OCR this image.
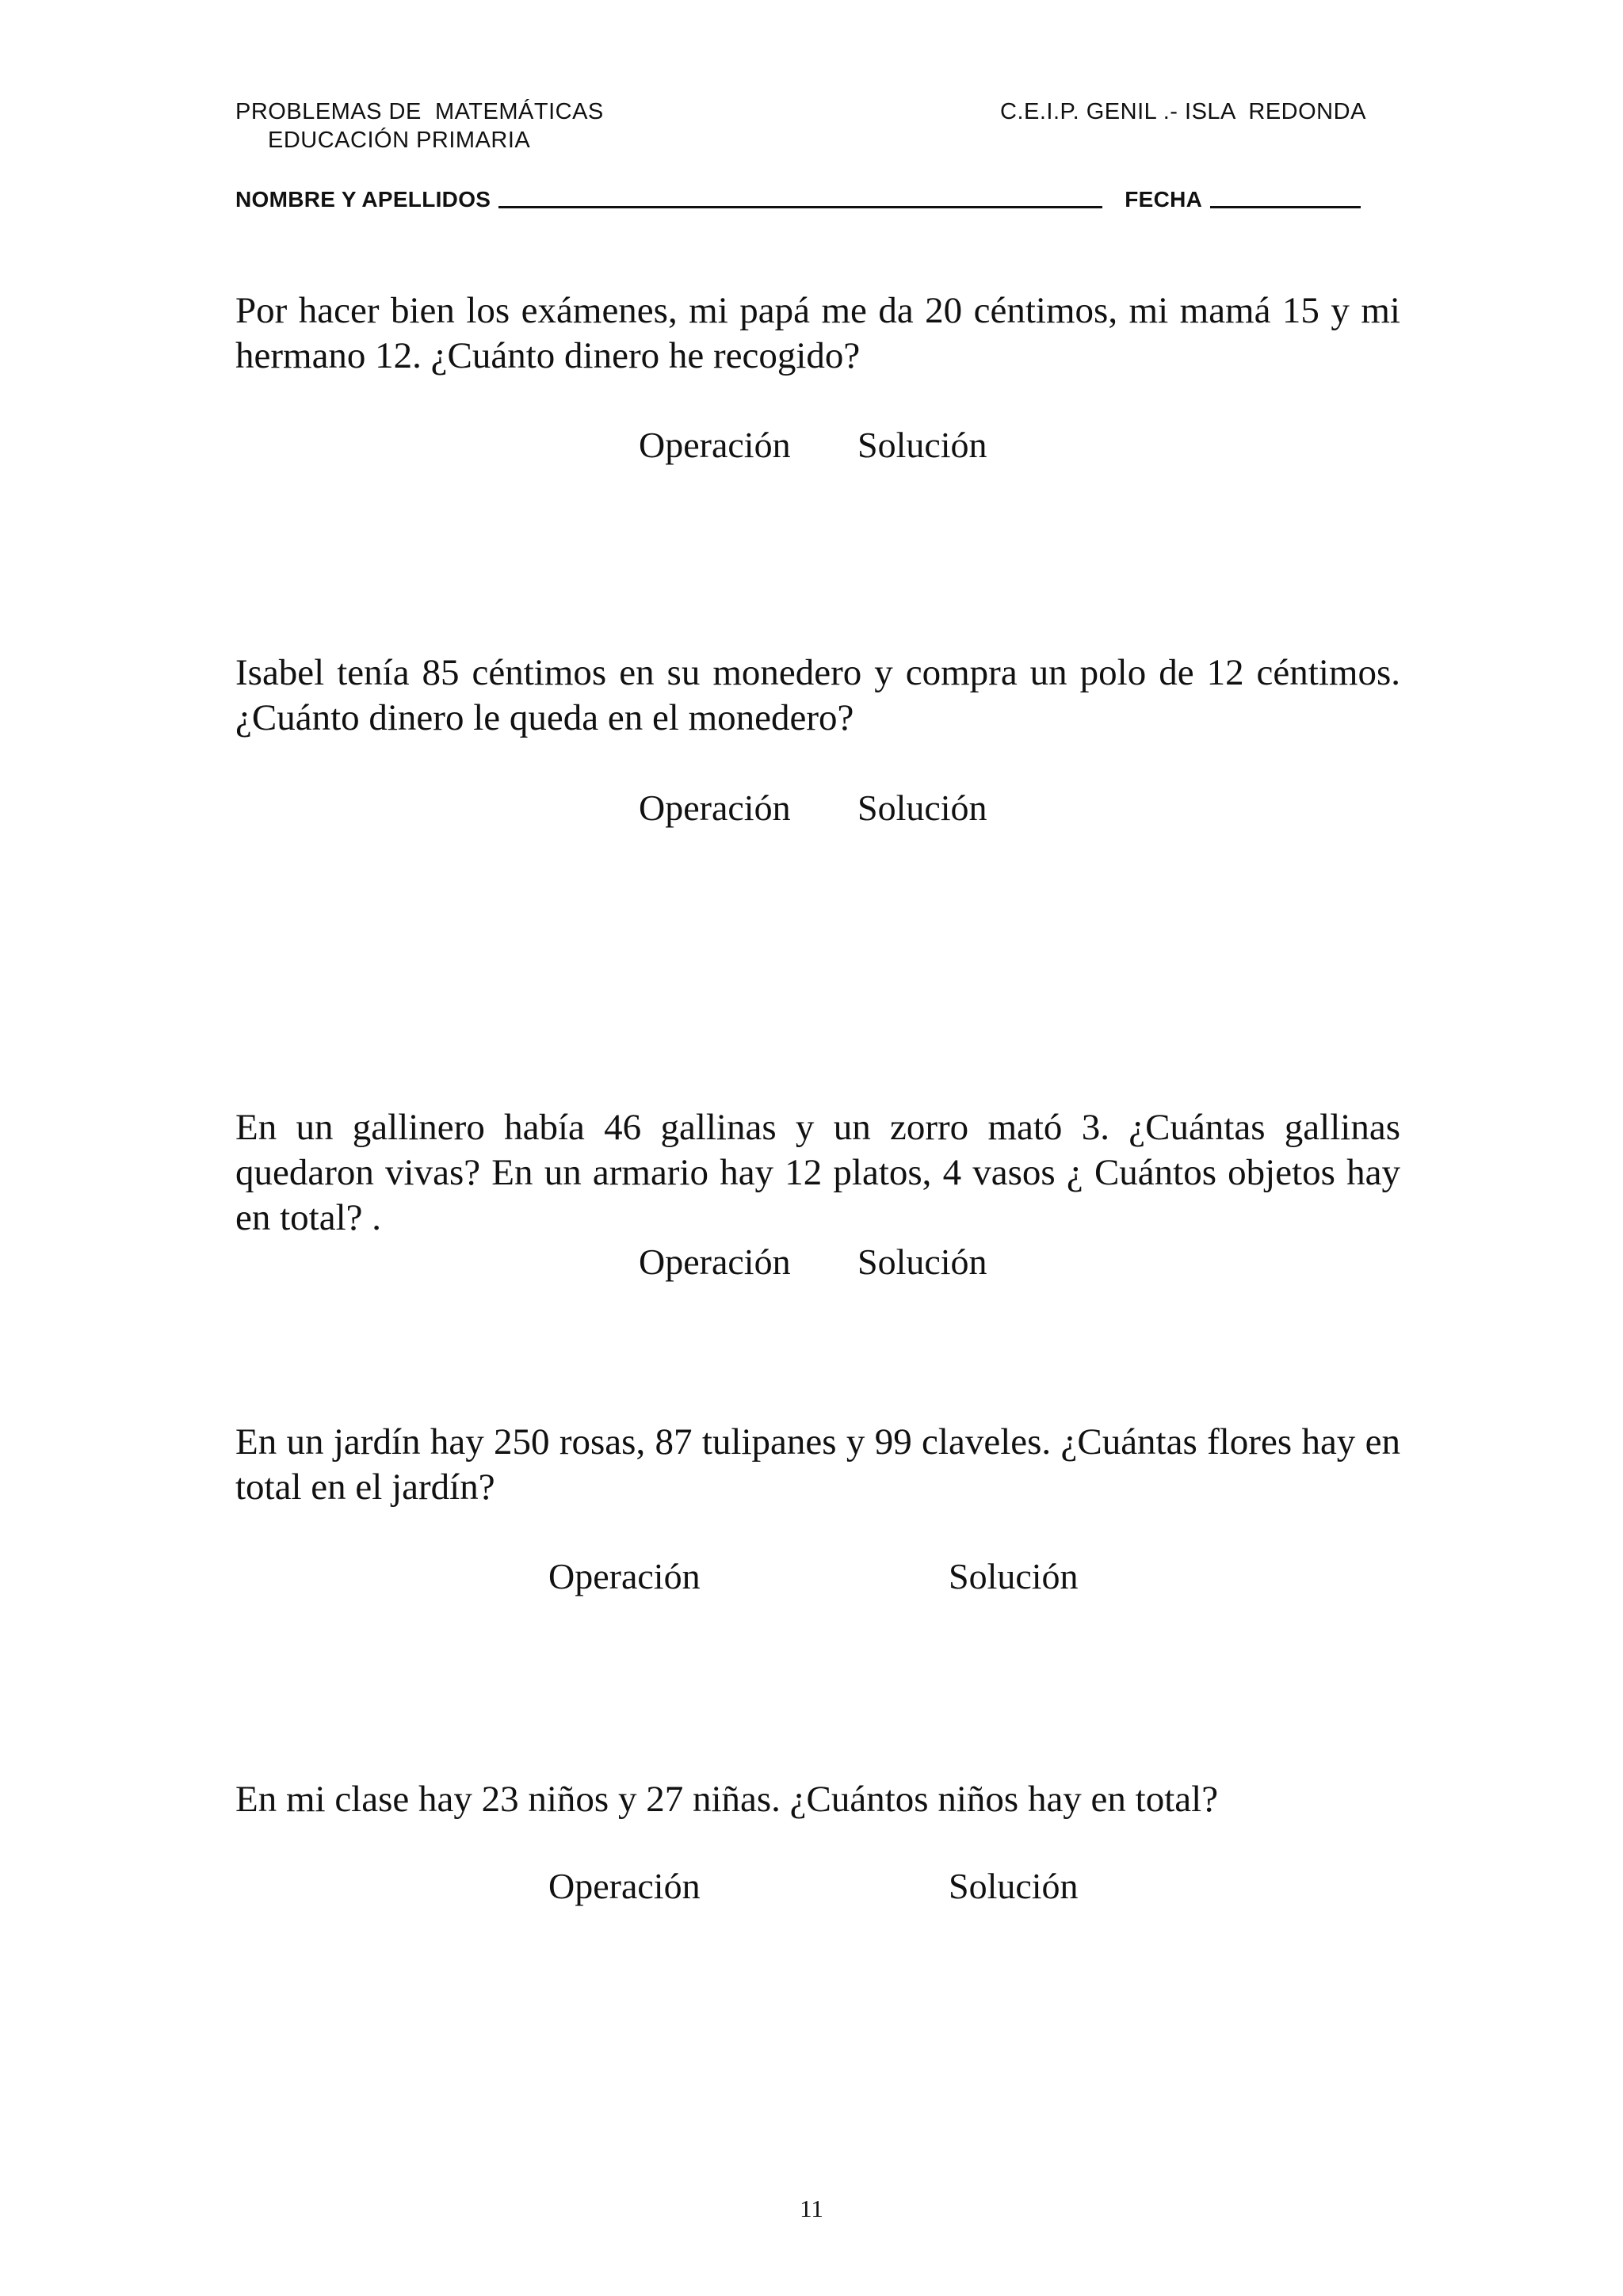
PROBLEMAS DE  MATEMÁTICAS
EDUCACIÓN PRIMARIA
C.E.I.P. GENIL .- ISLA  REDONDA
NOMBRE Y APELLIDOS	FECHA
Por hacer bien los exámenes, mi papá me da 20 céntimos, mi mamá 15 y mi hermano 12. ¿Cuánto dinero he recogido?
Operación Solución
Isabel tenía 85 céntimos en su monedero y compra un polo de 12 céntimos. ¿Cuánto dinero le queda en el monedero?
Operación Solución
En un gallinero había 46 gallinas y un zorro mató 3. ¿Cuántas gallinas quedaron vivas? En un armario hay 12 platos, 4 vasos ¿ Cuántos objetos hay en total? .
Operación Solución
En un jardín hay 250 rosas, 87 tulipanes y 99 claveles. ¿Cuántas flores hay en total en el jardín?
Operación	Solución
En mi clase hay 23 niños y 27 niñas. ¿Cuántos niños hay en total?
Operación	Solución
11
